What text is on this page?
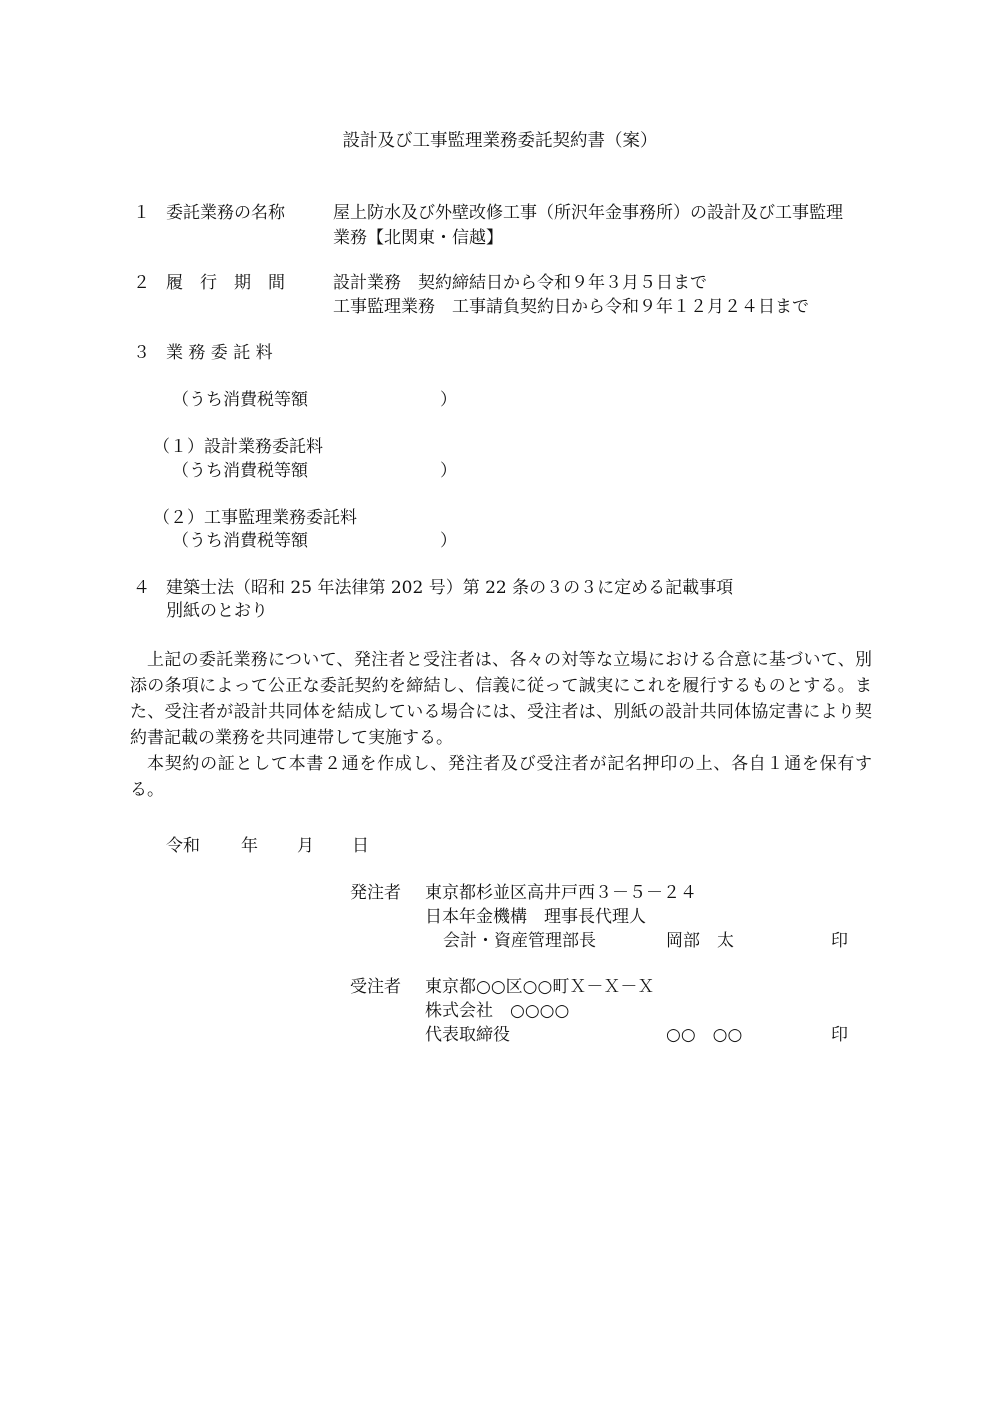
設計及び工事監理業務委託契約書（案）
１ 委託業務の名称	屋上防水及び外壁改修工事（所沢年金事務所）の設計及び工事監理
業務【北関東・信越】
２ 履　行　期　間	設計業務　契約締結日から令和９年３月５日まで
工事監理業務　工事請負契約日から令和９年１２月２４日まで
３ 業 務 委 託 料
（うち消費税等額	）
（１）設計業務委託料
（うち消費税等額	）
（２）工事監理業務委託料
（うち消費税等額	）
４ 建築士法（昭和 25 年法律第 202 号）第 22 条の３の３に定める記載事項
別紙のとおり

上記の委託業務について、発注者と受注者は、各々の対等な立場における合意に基づいて、別添の条項によって公正な委託契約を締結し、信義に従って誠実にこれを履行するものとする。また、受注者が設計共同体を結成している場合には、受注者は、別紙の設計共同体協定書により契約書記載の業務を共同連帯して実施する。

本契約の証として本書２通を作成し、発注者及び受注者が記名押印の上、各自１通を保有する。

令和 年 月 日
発注者 東京都杉並区高井戸西３－５－２４
日本年金機構　理事長代理人
会計・資産管理部長	岡部　太	印
受注者 東京都○○区○○町Ｘ－Ｘ－Ｘ
株式会社　○○○○
代表取締役	○○　○○	印
